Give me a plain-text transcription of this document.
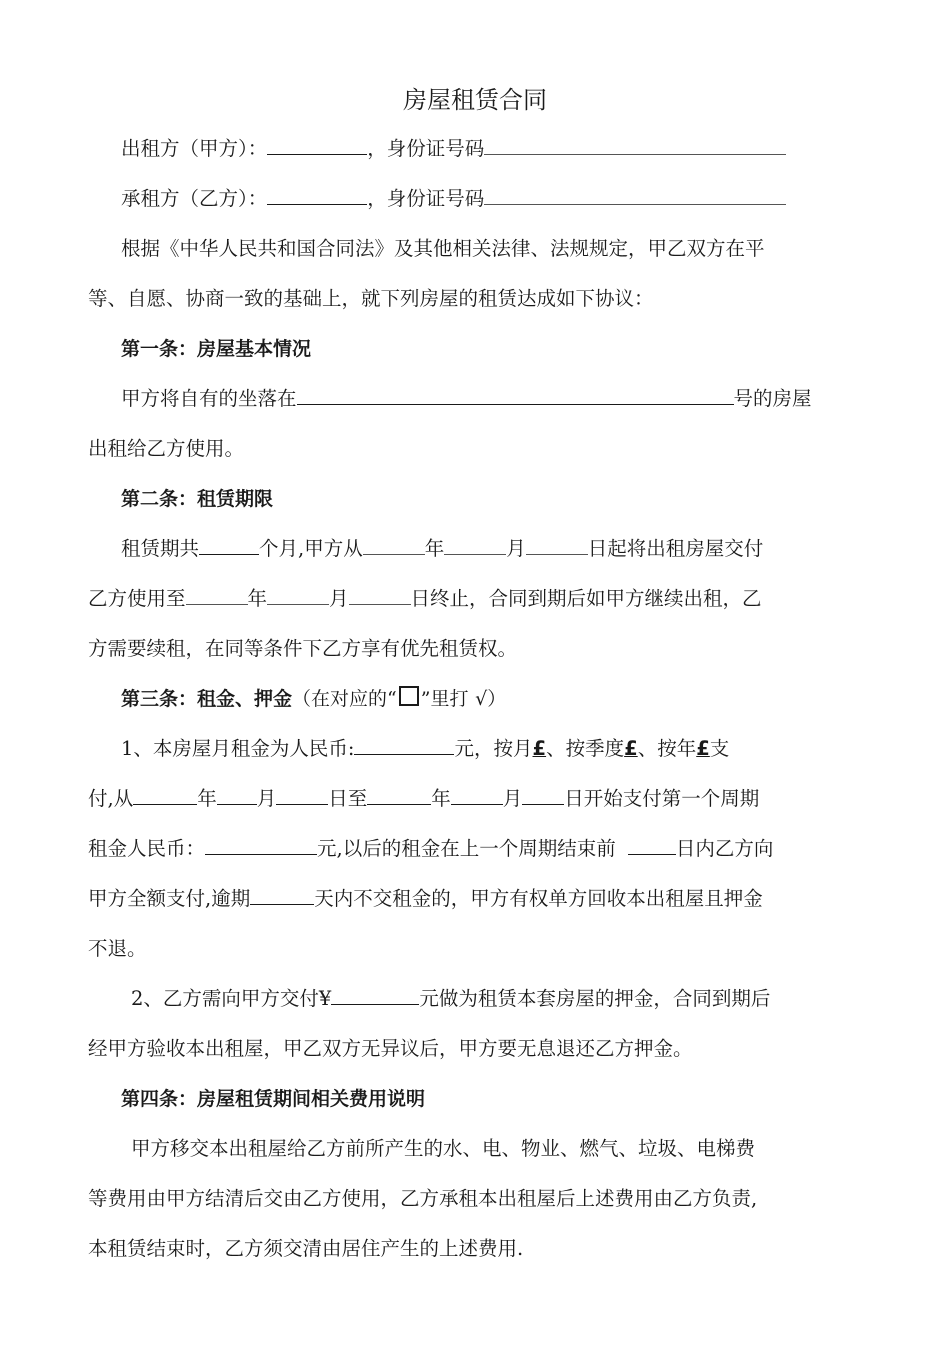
房屋租赁合同
出租方（甲方）：	，身份证号码
承租方（乙方）：	，身份证号码
根据《中华人民共和国合同法》及其他相关法律、法规规定，甲乙双方在平
等、自愿、协商一致的基础上，就下列房屋的租赁达成如下协议：
第一条：房屋基本情况
甲方将自有的坐落在	号的房屋
出租给乙方使用。
第二条：租赁期限
租赁期共	个月,甲方从	年	月	日起将出租房屋交付
乙方使用至	年	月	日终止，合同到期后如甲方继续出租，乙
方需要续租，在同等条件下乙方享有优先租赁权。
第三条：租金、押金（在对应的“ ”里打 √）
1、本房屋月租金为人民币:	元，按月£、按季度£、按年£支
付,从	年 月	日至	年	月 日开始支付第一个周期
租金人民币：	元,以后的租金在上一个周期结束前	日内乙方向
甲方全额支付,逾期	天内不交租金的，甲方有权单方回收本出租屋且押金
不退。
2、乙方需向甲方交付¥	元做为租赁本套房屋的押金，合同到期后
经甲方验收本出租屋，甲乙双方无异议后，甲方要无息退还乙方押金。
第四条：房屋租赁期间相关费用说明
甲方移交本出租屋给乙方前所产生的水、电、物业、燃气、垃圾、电梯费
等费用由甲方结清后交由乙方使用，乙方承租本出租屋后上述费用由乙方负责,
本租赁结束时，乙方须交清由居住产生的上述费用.
